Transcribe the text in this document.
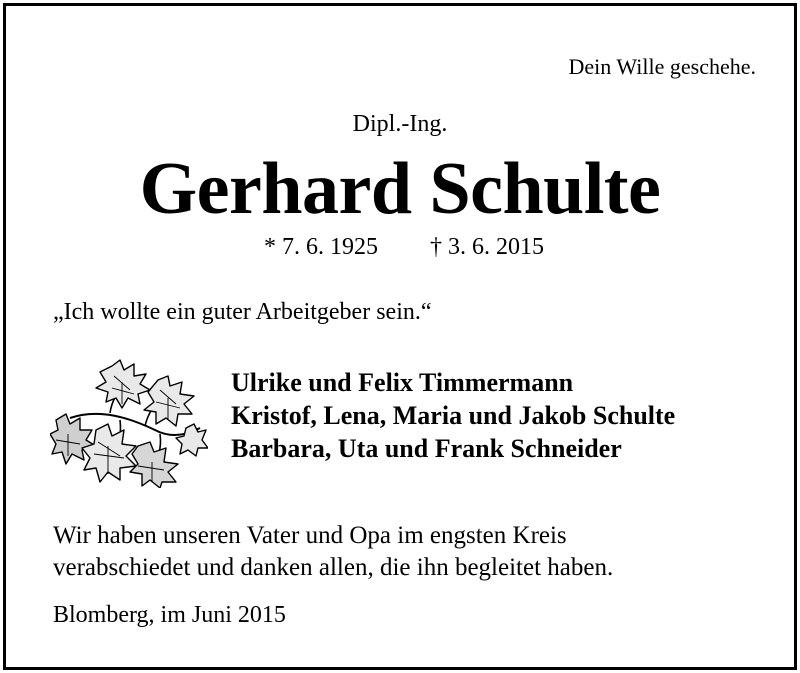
Dein Wille geschehe.
Dipl.-Ing.
Gerhard Schulte
* 7. 6. 1925 † 3. 6. 2015
„Ich wollte ein guter Arbeitgeber sein.“
Ulrike und Felix Timmermann
Kristof, Lena, Maria und Jakob Schulte
Barbara, Uta und Frank Schneider
Wir haben unseren Vater und Opa im engsten Kreis
verabschiedet und danken allen, die ihn begleitet haben.
Blomberg, im Juni 2015
